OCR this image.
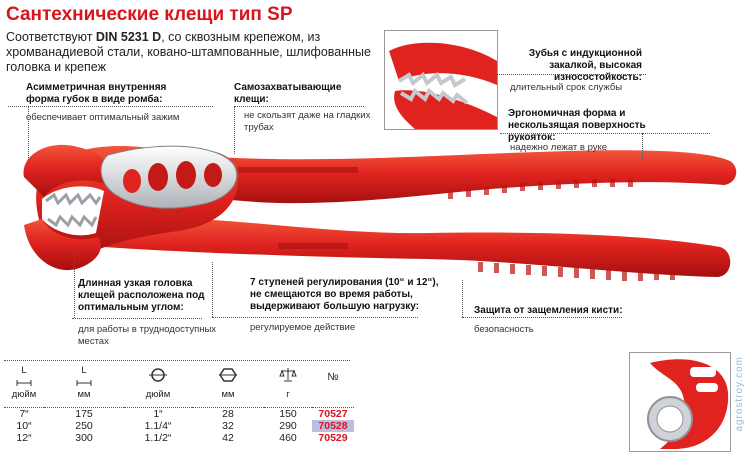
Сантехнические клещи тип SP
Соответствуют DIN 5231 D, со сквозным крепежом, из хромванадиевой стали, ковано-штампованные, шлифованные головка и крепеж
Асимметричная внутренняя форма губок в виде ромба:
обеспечивает оптимальный зажим
Самозахватывающие клещи:
не скользят даже на гладких трубах
Зубья с индукционной закалкой, высокая износостойкость:
длительный срок службы
Эргономичная форма и нескользящая поверхность рукояток:
надежно лежат в руке
Длинная узкая головка клещей расположена под оптимальным углом:
для работы в труднодоступных местах
7 ступеней регулирования (10“ и 12“), не смещаются во время работы, выдерживают большую нагрузку:
регулируемое действие
Защита от защемления кисти:
безопасность
L	L				№
дюйм	мм	дюйм	мм	г	

7“	175	1“	28	150	70527
10“	250	1.1/4“	32	290	70528
12“	300	1.1/2“	42	460	70529
agrostroy.com
